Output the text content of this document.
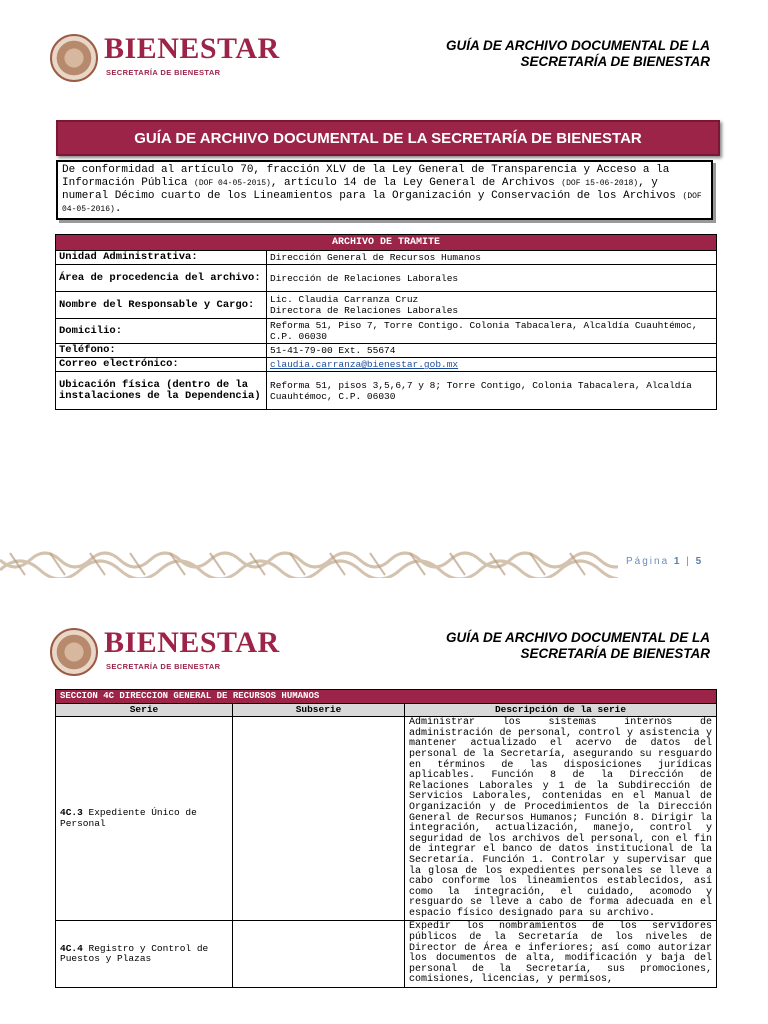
BIENESTAR
SECRETARÍA DE BIENESTAR
GUÍA DE ARCHIVO DOCUMENTAL DE LA
SECRETARÍA DE BIENESTAR
GUÍA DE ARCHIVO DOCUMENTAL DE LA SECRETARÍA DE BIENESTAR
De conformidad al artículo 70, fracción XLV de la Ley General de Transparencia y Acceso a la Información Pública (DOF 04-05-2015), artículo 14 de la Ley General de Archivos (DOF 15-06-2018), y numeral Décimo cuarto de los Lineamientos para la Organización y Conservación de los Archivos (DOF 04-05-2016).
ARCHIVO DE TRAMITE	
Unidad Administrativa:	Dirección General de Recursos Humanos
Área de procedencia del archivo:	Dirección de Relaciones Laborales
Nombre del Responsable y Cargo:	Lic. Claudia Carranza Cruz
Directora de Relaciones Laborales

Domicilio:	Reforma 51, Piso 7, Torre Contigo. Colonia Tabacalera, Alcaldía Cuauhtémoc, C.P. 06030
Teléfono:	51-41-79-00 Ext. 55674
Correo electrónico:	claudia.carranza@bienestar.gob.mx
Ubicación física (dentro de la instalaciones de la Dependencia)	Reforma 51, pisos 3,5,6,7 y 8; Torre Contigo, Colonia Tabacalera, Alcaldía Cuauhtémoc, C.P. 06030
Página 1 | 5
BIENESTAR
SECRETARÍA DE BIENESTAR
GUÍA DE ARCHIVO DOCUMENTAL DE LA
SECRETARÍA DE BIENESTAR
SECCION 4C DIRECCION GENERAL DE RECURSOS HUMANOS		
Serie	Subserie	Descripción de la serie
4C.3 Expediente Único de Personal		Administrar los sistemas internos de administración de personal, control y asistencia y mantener actualizado el acervo de datos del personal de la Secretaría, asegurando su resguardo en términos de las disposiciones jurídicas aplicables. Función 8 de la Dirección de Relaciones Laborales y 1 de la Subdirección de Servicios Laborales, contenidas en el Manual de Organización y de Procedimientos de la Dirección General de Recursos Humanos; Función 8. Dirigir la integración, actualización, manejo, control y seguridad de los archivos del personal, con el fin de integrar el banco de datos institucional de la Secretaría. Función 1. Controlar y supervisar que la glosa de los expedientes personales se lleve a cabo conforme los lineamientos establecidos, así como la integración, el cuidado, acomodo y resguardo se lleve a cabo de forma adecuada en el espacio físico designado para su archivo.
4C.4 Registro y Control de Puestos y Plazas		Expedir los nombramientos de los servidores públicos de la Secretaría de los niveles de Director de Área e inferiores; así como autorizar los documentos de alta, modificación y baja del personal de la Secretaría, sus promociones, comisiones, licencias, y permisos,
